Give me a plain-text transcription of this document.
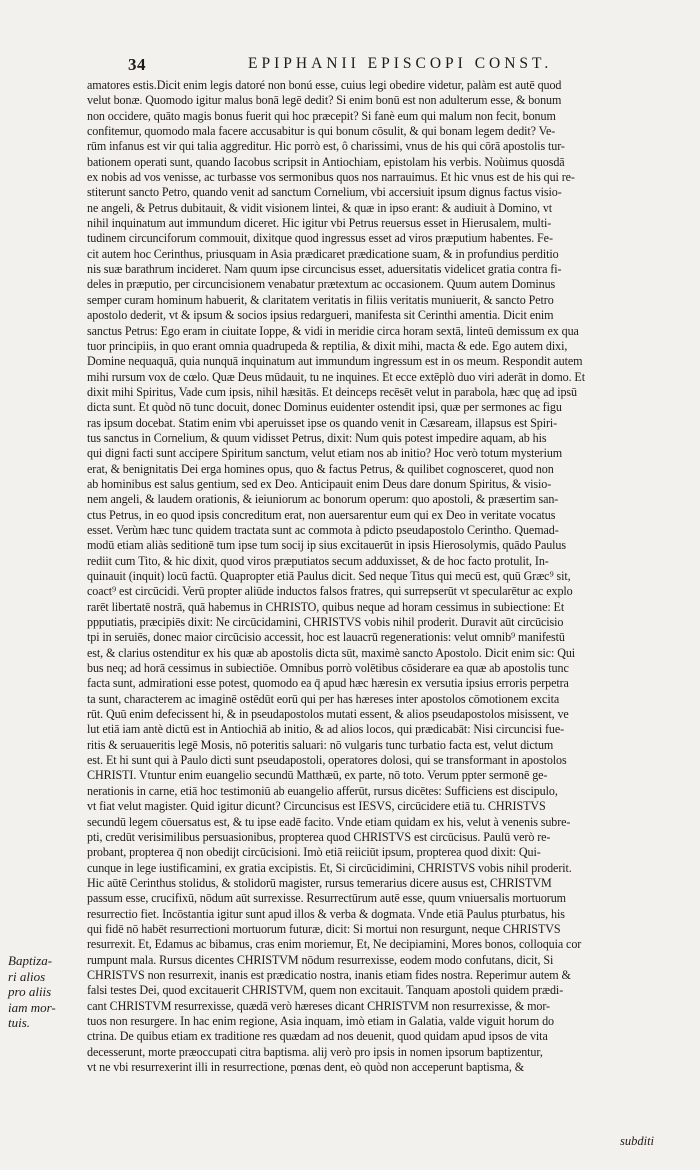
34	EPIPHANII EPISCOPI CONST.
amatores estis.Dicit enim legis datoré non bonú esse, cuius legi obedire videtur, palàm est autē quod
velut bonæ. Quomodo igitur malus bonā legē dedit? Si enim bonū est non adulterum esse, & bonum
non occidere, quāto magis bonus fuerit qui hoc præcepit? Si fanè eum qui malum non fecit, bonum
confitemur, quomodo mala facere accusabitur is qui bonum cōsulit, & qui bonam legem dedit? Ve-
rūm infanus est vir qui talia aggreditur. Hic porrò est, ô charissimi, vnus de his qui cōrā apostolis tur-
bationem operati sunt, quando Iacobus scripsit in Antiochiam, epistolam his verbis. Noùimus quosdā
ex nobis ad vos venisse, ac turbasse vos sermonibus quos nos narrauimus. Et hic vnus est de his qui re-
stiterunt sancto Petro, quando venit ad sanctum Cornelium, vbi accersiuit ipsum dignus factus visio-
ne angeli, & Petrus dubitauit, & vidit visionem lintei, & quæ in ipso erant: & audiuit à Domino, vt
nihil inquinatum aut immundum diceret. Hic igitur vbi Petrus reuersus esset in Hierusalem, multi-
tudinem circunciforum commouit, dixitque quod ingressus esset ad viros præputium habentes. Fe-
cit autem hoc Cerinthus, priusquam in Asia prædicaret prædicatione suam, & in profundius perditio
nis suæ barathrum incideret. Nam quum ipse circuncisus esset, aduersitatis videlicet gratia contra fi-
deles in præputio, per circuncisionem venabatur prætextum ac occasionem. Quum autem Dominus
semper curam hominum habuerit, & claritatem veritatis in filiis veritatis muniuerit, & sancto Petro
apostolo dederit, vt & ipsum & socios ipsius redargueri, manifesta sit Cerinthi amentia. Dicit enim
sanctus Petrus: Ego eram in ciuitate Ioppe, & vidi in meridie circa horam sextā, linteū demissum ex qua
tuor principiis, in quo erant omnia quadrupeda & reptilia, & dixit mihi, macta & ede. Ego autem dixi,
Domine nequaquā, quia nunquā inquinatum aut immundum ingressum est in os meum. Respondit autem
mihi rursum vox de cœlo. Quæ Deus mūdauit, tu ne inquines. Et ecce extēplò duo viri aderāt in domo. Et
dixit mihi Spiritus, Vade cum ipsis, nihil hæsitās. Et deinceps recēsēt velut in parabola, hæc quę ad ipsū
dicta sunt. Et quòd nō tunc docuit, donec Dominus euidenter ostendit ipsi, quæ per sermones ac figu
ras ipsum docebat. Statim enim vbi aperuisset ipse os quando venit in Cæsaream, illapsus est Spiri-
tus sanctus in Cornelium, & quum vidisset Petrus, dixit: Num quis potest impedire aquam, ab his
qui digni facti sunt accipere Spiritum sanctum, velut etiam nos ab initio? Hoc verò totum mysterium
erat, & benignitatis Dei erga homines opus, quo & factus Petrus, & quilibet cognosceret, quod non
ab hominibus est salus gentium, sed ex Deo. Anticipauit enim Deus dare donum Spiritus, & visio-
nem angeli, & laudem orationis, & ieiuniorum ac bonorum operum: quo apostoli, & præsertim san-
ctus Petrus, in eo quod ipsis concreditum erat, non auersarentur eum qui ex Deo in veritate vocatus
esset. Verùm hæc tunc quidem tractata sunt ac commota à pdicto pseudapostolo Cerintho. Quemad-
modū etiam aliàs seditionē tum ipse tum socij ip sius excitauerūt in ipsis Hierosolymis, quādo Paulus
rediit cum Tito, & hic dixit, quod viros præputiatos secum adduxisset, & de hoc facto protulit, In-
quinauit (inquit) locū factū. Quapropter etiā Paulus dicit. Sed neque Titus qui mecū est, quū Græc⁹ sit,
coact⁹ est circūcidi. Verū propter aliūde inductos falsos fratres, qui surrepserūt vt specularētur ac explo
rarēt libertatē nostrā, quā habemus in CHRISTO, quibus neque ad horam cessimus in subiectione: Et
ppputiatis, præcipiēs dixit: Ne circūcidamini, CHRISTVS vobis nihil proderit. Duravit aūt circūcisio
tpi in seruiēs, donec maior circūcisio accessit, hoc est lauacrū regenerationis: velut omnib⁹ manifestū
est, & clarius ostenditur ex his quæ ab apostolis dicta sūt, maximè sancto Apostolo. Dicit enim sic: Qui
bus neq; ad horā cessimus in subiectiōe. Omnibus porrò volētibus cōsiderare ea quæ ab apostolis tunc
facta sunt, admirationi esse potest, quomodo ea q̄ apud hæc hæresin ex versutia ipsius erroris perpetra
ta sunt, characterem ac imaginē ostēdūt eorū qui per has hæreses inter apostolos cōmotionem excita
rūt. Quū enim defecissent hi, & in pseudapostolos mutati essent, & alios pseudapostolos misissent, ve
lut etiā iam antè dictū est in Antiochiā ab initio, & ad alios locos, qui prædicabāt: Nisi circuncisi fue-
ritis & seruaueritis legē Mosis, nō poteritis saluari: nō vulgaris tunc turbatio facta est, velut dictum
est. Et hi sunt qui à Paulo dicti sunt pseudapostoli, operatores dolosi, qui se transformant in apostolos
CHRISTI. Vtuntur enim euangelio secundū Matthæū, ex parte, nō toto. Verum ppter sermonē ge-
nerationis in carne, etiā hoc testimoniū ab euangelio afferūt, rursus dicētes: Sufficiens est discipulo,
vt fiat velut magister. Quid igitur dicunt? Circuncisus est IESVS, circūcidere etiā tu. CHRISTVS
secundū legem cōuersatus est, & tu ipse eadē facito. Vnde etiam quidam ex his, velut à venenis subre-
pti, credūt verisimilibus persuasionibus, propterea quod CHRISTVS est circūcisus. Paulū verò re-
probant, propterea q̄ non obedijt circūcisioni. Imò etiā reiiciūt ipsum, propterea quod dixit: Qui-
cunque in lege iustificamini, ex gratia excipistis. Et, Si circūcidimini, CHRISTVS vobis nihil proderit.
Hic aūtē Cerinthus stolidus, & stolidorū magister, rursus temerarius dicere ausus est, CHRISTVM
passum esse, crucifixū, nōdum aūt surrexisse. Resurrectūrum autē esse, quum vniuersalis mortuorum
resurrectio fiet. Incōstantia igitur sunt apud illos & verba & dogmata. Vnde etiā Paulus pturbatus, his
qui fidē nō habēt resurrectioni mortuorum futuræ, dicit: Si mortui non resurgunt, neque CHRISTVS
resurrexit. Et, Edamus ac bibamus, cras enim moriemur, Et, Ne decipiamini, Mores bonos, colloquia cor
rumpunt mala. Rursus dicentes CHRISTVM nōdum resurrexisse, eodem modo confutans, dicit, Si
CHRISTVS non resurrexit, inanis est prædicatio nostra, inanis etiam fides nostra. Reperimur autem &
falsi testes Dei, quod excitauerit CHRISTVM, quem non excitauit. Tanquam apostoli quidem prædi-
cant CHRISTVM resurrexisse, quædā verò hæreses dicant CHRISTVM non resurrexisse, & mor-
tuos non resurgere. In hac enim regione, Asia inquam, imò etiam in Galatia, valde viguit horum do
ctrina. De quibus etiam ex traditione res quædam ad nos deuenit, quod quidam apud ipsos de vita
decesserunt, morte præoccupati citra baptisma. alij verò pro ipsis in nomen ipsorum baptizentur,
vt ne vbi resurrexerint illi in resurrectione, pœnas dent, eò quòd non acceperunt baptisma, &
Baptiza-
ri alios
pro aliis
iam mor-
tuis.
subditi
